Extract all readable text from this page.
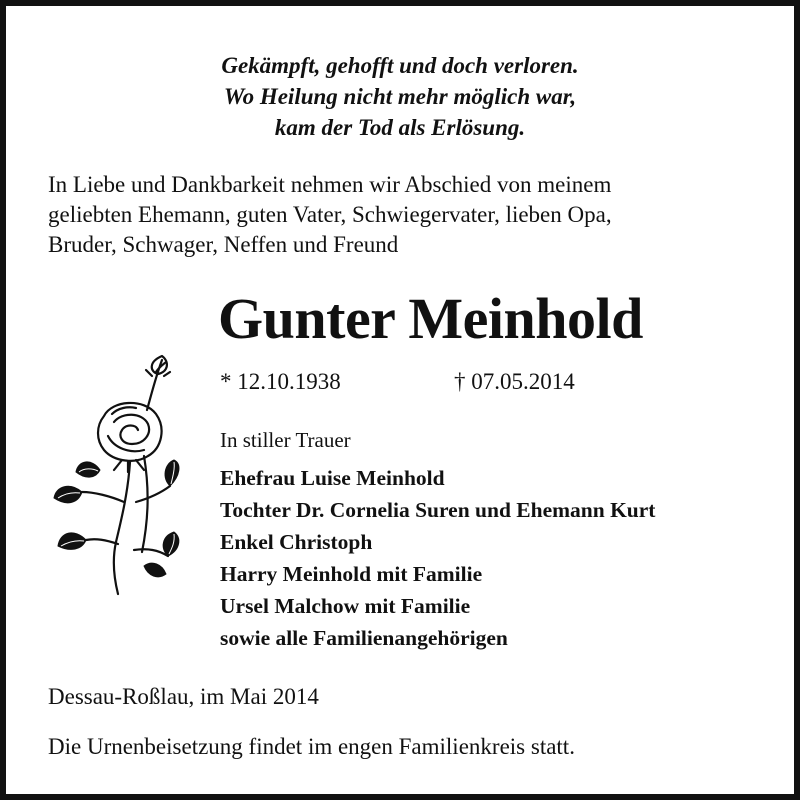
Gekämpft, gehofft und doch verloren.
Wo Heilung nicht mehr möglich war,
kam der Tod als Erlösung.
In Liebe und Dankbarkeit nehmen wir Abschied von meinem
geliebten Ehemann, guten Vater, Schwiegervater, lieben Opa,
Bruder, Schwager, Neffen und Freund
Gunter Meinhold
* 12.10.1938	† 07.05.2014
In stiller Trauer
Ehefrau Luise Meinhold
Tochter Dr. Cornelia Suren und Ehemann Kurt
Enkel Christoph
Harry Meinhold mit Familie
Ursel Malchow mit Familie
sowie alle Familienangehörigen
Dessau-Roßlau, im Mai 2014
Die Urnenbeisetzung findet im engen Familienkreis statt.
